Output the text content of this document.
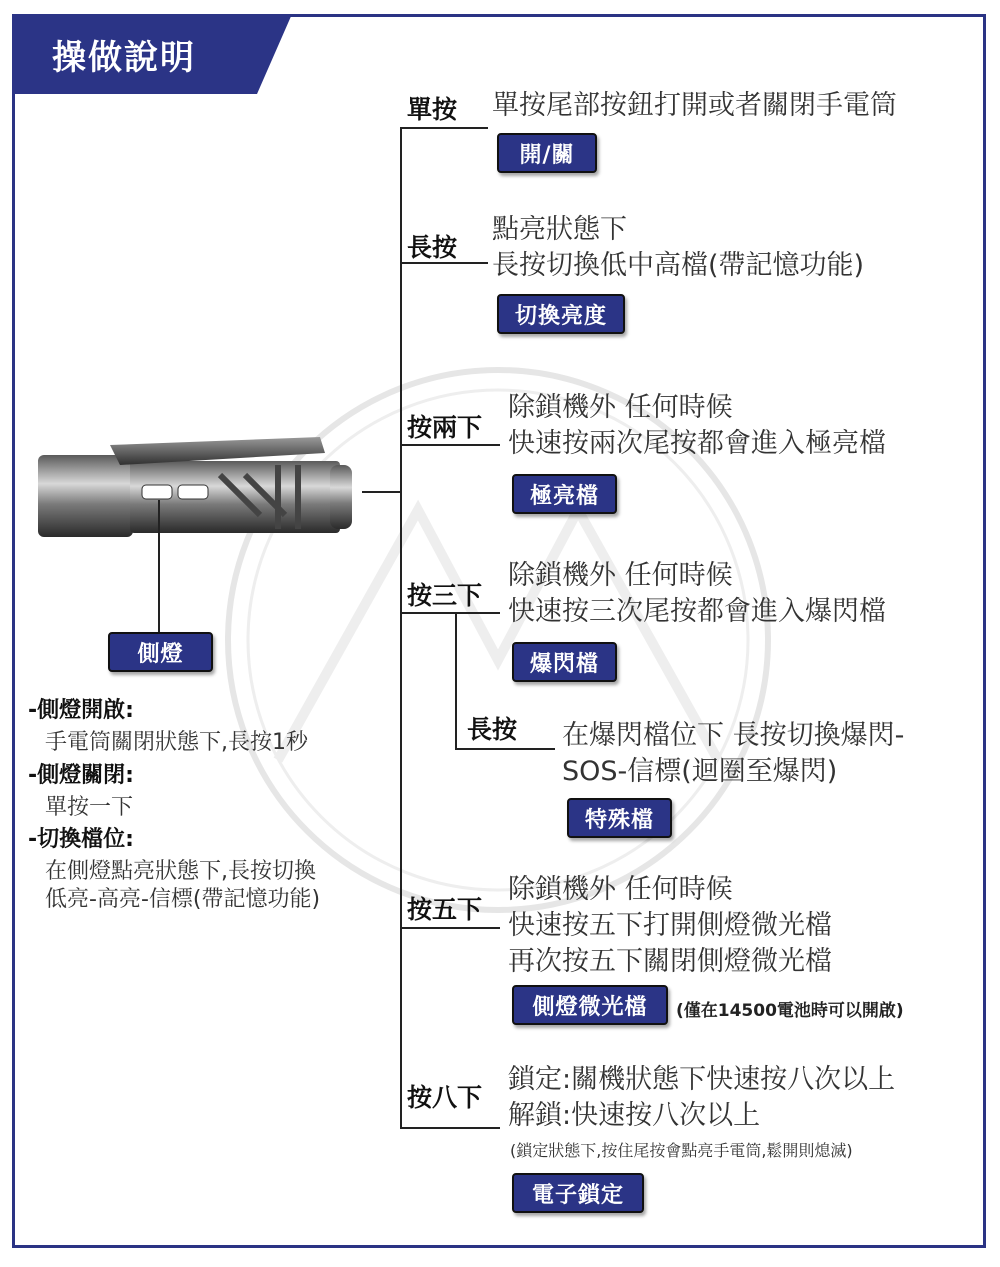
操做說明
側燈
-側燈開啟:
手電筒關閉狀態下,長按1秒
-側燈關閉:
單按一下
-切換檔位:
在側燈點亮狀態下,長按切換
低亮-高亮-信標(帶記憶功能)
單按 單按尾部按鈕打開或者關閉手電筒
開/關
長按
點亮狀態下
長按切換低中高檔(帶記憶功能)
切換亮度
按兩下
除鎖機外 任何時候
快速按兩次尾按都會進入極亮檔
極亮檔
按三下
除鎖機外 任何時候
快速按三次尾按都會進入爆閃檔
爆閃檔
長按 在爆閃檔位下 長按切換爆閃-
SOS-信標(迴圈至爆閃)
特殊檔
按五下
除鎖機外 任何時候
快速按五下打開側燈微光檔
再次按五下關閉側燈微光檔
側燈微光檔	(僅在14500電池時可以開啟)
按八下
鎖定:關機狀態下快速按八次以上
解鎖:快速按八次以上
(鎖定狀態下,按住尾按會點亮手電筒,鬆開則熄滅)
電子鎖定
